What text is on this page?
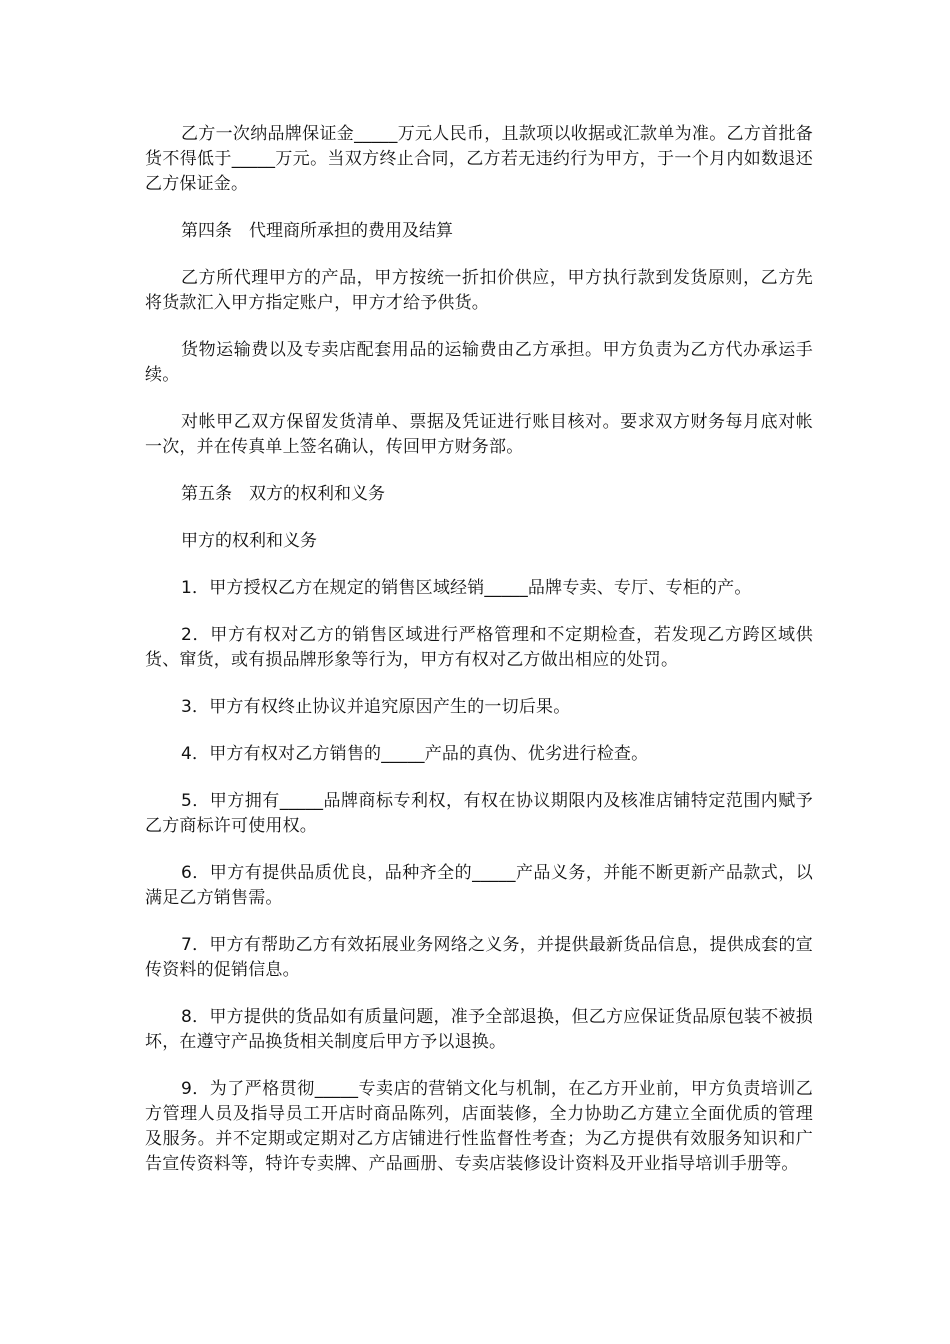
乙方一次纳品牌保证金_____万元人民币，且款项以收据或汇款单为准。乙方首批备货不得低于_____万元。当双方终止合同，乙方若无违约行为甲方，于一个月内如数退还乙方保证金。

第四条　代理商所承担的费用及结算

乙方所代理甲方的产品，甲方按统一折扣价供应，甲方执行款到发货原则，乙方先将货款汇入甲方指定账户，甲方才给予供货。

货物运输费以及专卖店配套用品的运输费由乙方承担。甲方负责为乙方代办承运手续。

对帐甲乙双方保留发货清单、票据及凭证进行账目核对。要求双方财务每月底对帐一次，并在传真单上签名确认，传回甲方财务部。

第五条　双方的权利和义务

甲方的权利和义务

1．甲方授权乙方在规定的销售区域经销_____品牌专卖、专厅、专柜的产。

2．甲方有权对乙方的销售区域进行严格管理和不定期检查，若发现乙方跨区域供货、窜货，或有损品牌形象等行为，甲方有权对乙方做出相应的处罚。

3．甲方有权终止协议并追究原因产生的一切后果。

4．甲方有权对乙方销售的_____产品的真伪、优劣进行检查。

5．甲方拥有_____品牌商标专利权，有权在协议期限内及核准店铺特定范围内赋予乙方商标许可使用权。

6．甲方有提供品质优良，品种齐全的_____产品义务，并能不断更新产品款式，以满足乙方销售需。

7．甲方有帮助乙方有效拓展业务网络之义务，并提供最新货品信息，提供成套的宣传资料的促销信息。

8．甲方提供的货品如有质量问题，准予全部退换，但乙方应保证货品原包装不被损坏，在遵守产品换货相关制度后甲方予以退换。

9．为了严格贯彻_____专卖店的营销文化与机制，在乙方开业前，甲方负责培训乙方管理人员及指导员工开店时商品陈列，店面装修，全力协助乙方建立全面优质的管理及服务。并不定期或定期对乙方店铺进行性监督性考查；为乙方提供有效服务知识和广告宣传资料等，特许专卖牌、产品画册、专卖店装修设计资料及开业指导培训手册等。
